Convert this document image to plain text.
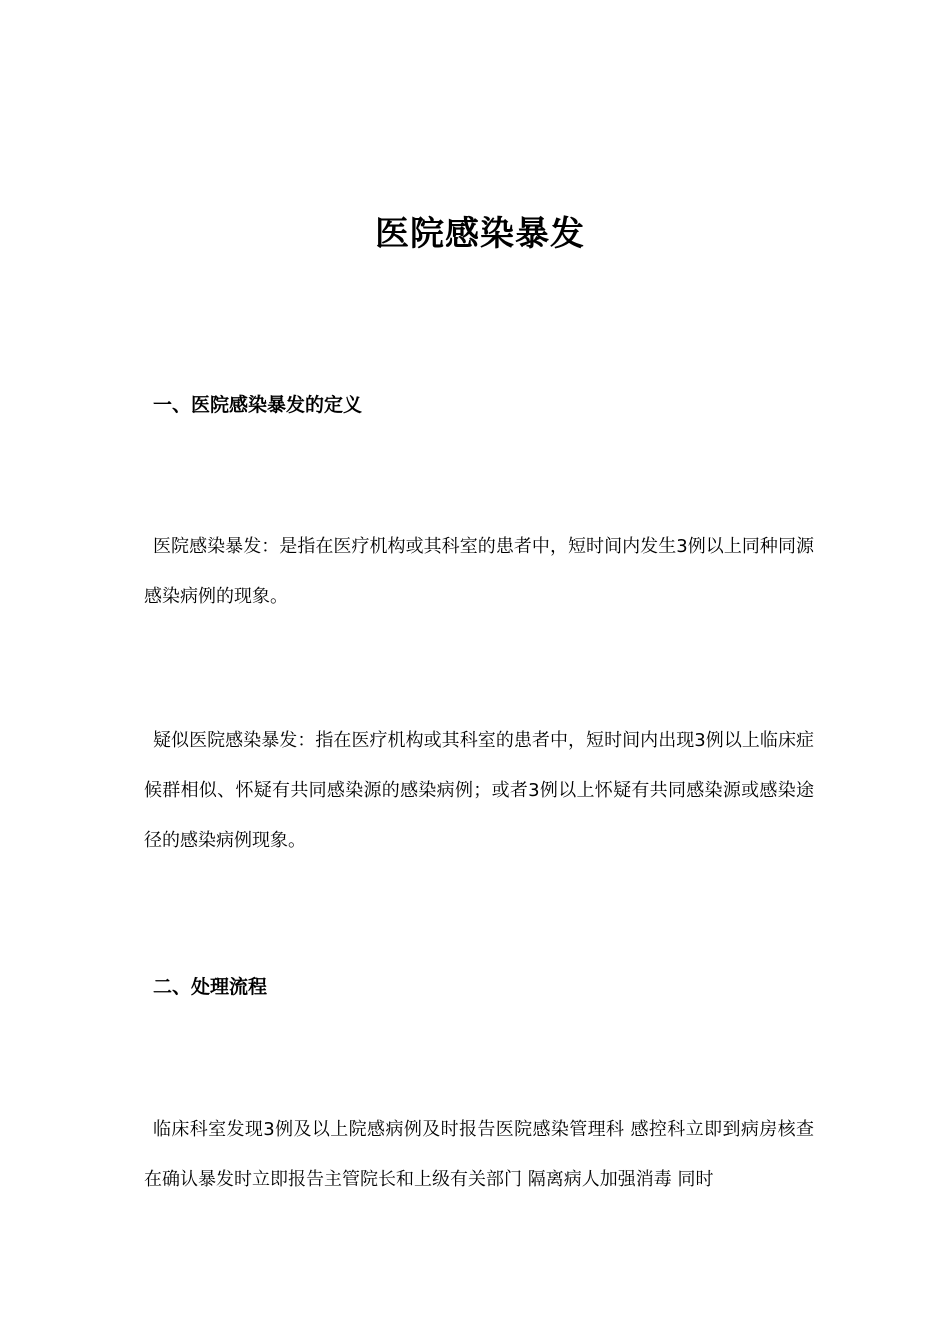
医院感染暴发
一、医院感染暴发的定义

医院感染暴发：是指在医疗机构或其科室的患者中，短时间内发生3例以上同种同源感染病例的现象。

疑似医院感染暴发：指在医疗机构或其科室的患者中，短时间内出现3例以上临床症候群相似、怀疑有共同感染源的感染病例；或者3例以上怀疑有共同感染源或感染途径的感染病例现象。

二、处理流程

临床科室发现3例及以上院感病例及时报告医院感染管理科 感控科立即到病房核查 在确认暴发时立即报告主管院长和上级有关部门 隔离病人加强消毒 同时
